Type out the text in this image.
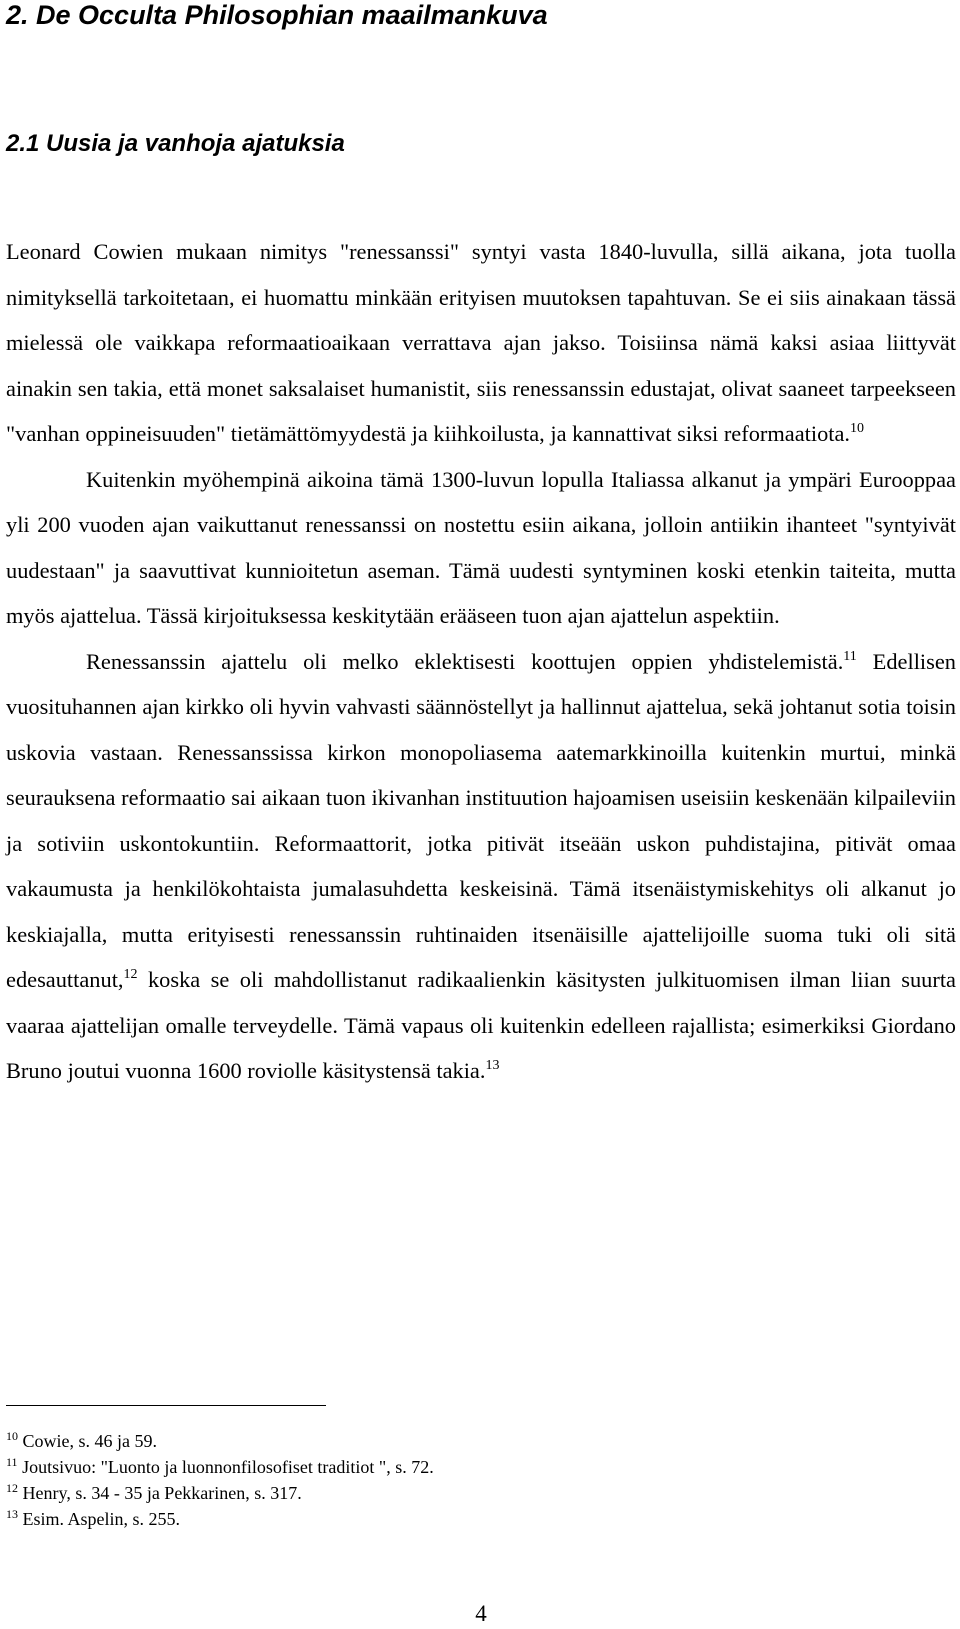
2. De Occulta Philosophian maailmankuva
2.1 Uusia ja vanhoja ajatuksia

Leonard Cowien mukaan nimitys "renessanssi" syntyi vasta 1840-luvulla, sillä aikana, jota tuolla nimityksellä tarkoitetaan, ei huomattu minkään erityisen muutoksen tapahtuvan. Se ei siis ainakaan tässä mielessä ole vaikkapa reformaatioaikaan verrattava ajan jakso. Toisiinsa nämä kaksi asiaa liittyvät ainakin sen takia, että monet saksalaiset humanistit, siis renessanssin edustajat, olivat saaneet tarpeekseen "vanhan oppineisuuden" tietämättömyydestä ja kiihkoilusta, ja kannattivat siksi reformaatiota.$^{10}$

Kuitenkin myöhempinä aikoina tämä 1300-luvun lopulla Italiassa alkanut ja ympäri Eurooppaa yli 200 vuoden ajan vaikuttanut renessanssi on nostettu esiin aikana, jolloin antiikin ihanteet "syntyivät uudestaan" ja saavuttivat kunnioitetun aseman. Tämä uudesti syntyminen koski etenkin taiteita, mutta myös ajattelua. Tässä kirjoituksessa keskitytään erääseen tuon ajan ajattelun aspektiin.

Renessanssin ajattelu oli melko eklektisesti koottujen oppien yhdistelemistä.$^{11}$ Edellisen vuosituhannen ajan kirkko oli hyvin vahvasti säännöstellyt ja hallinnut ajattelua, sekä johtanut sotia toisin uskovia vastaan. Renessanssissa kirkon monopoliasema aatemarkkinoilla kuitenkin murtui, minkä seurauksena reformaatio sai aikaan tuon ikivanhan instituution hajoamisen useisiin keskenään kilpaileviin ja sotiviin uskontokuntiin. Reformaattorit, jotka pitivät itseään uskon puhdistajina, pitivät omaa vakaumusta ja henkilökohtaista jumalasuhdetta keskeisinä. Tämä itsenäistymiskehitys oli alkanut jo keskiajalla, mutta erityisesti renessanssin ruhtinaiden itsenäisille ajattelijoille suoma tuki oli sitä edesauttanut,$^{12}$ koska se oli mahdollistanut radikaalienkin käsitysten julkituomisen ilman liian suurta vaaraa ajattelijan omalle terveydelle. Tämä vapaus oli kuitenkin edelleen rajallista; esimerkiksi Giordano Bruno joutui vuonna 1600 roviolle käsitystensä takia.$^{13}$

$^{10}$ Cowie, s. 46 ja 59.
$^{11}$ Joutsivuo: "Luonto ja luonnonfilosofiset traditiot ", s. 72.
$^{12}$ Henry, s. 34 - 35 ja Pekkarinen, s. 317.
$^{13}$ Esim. Aspelin, s. 255.
4
